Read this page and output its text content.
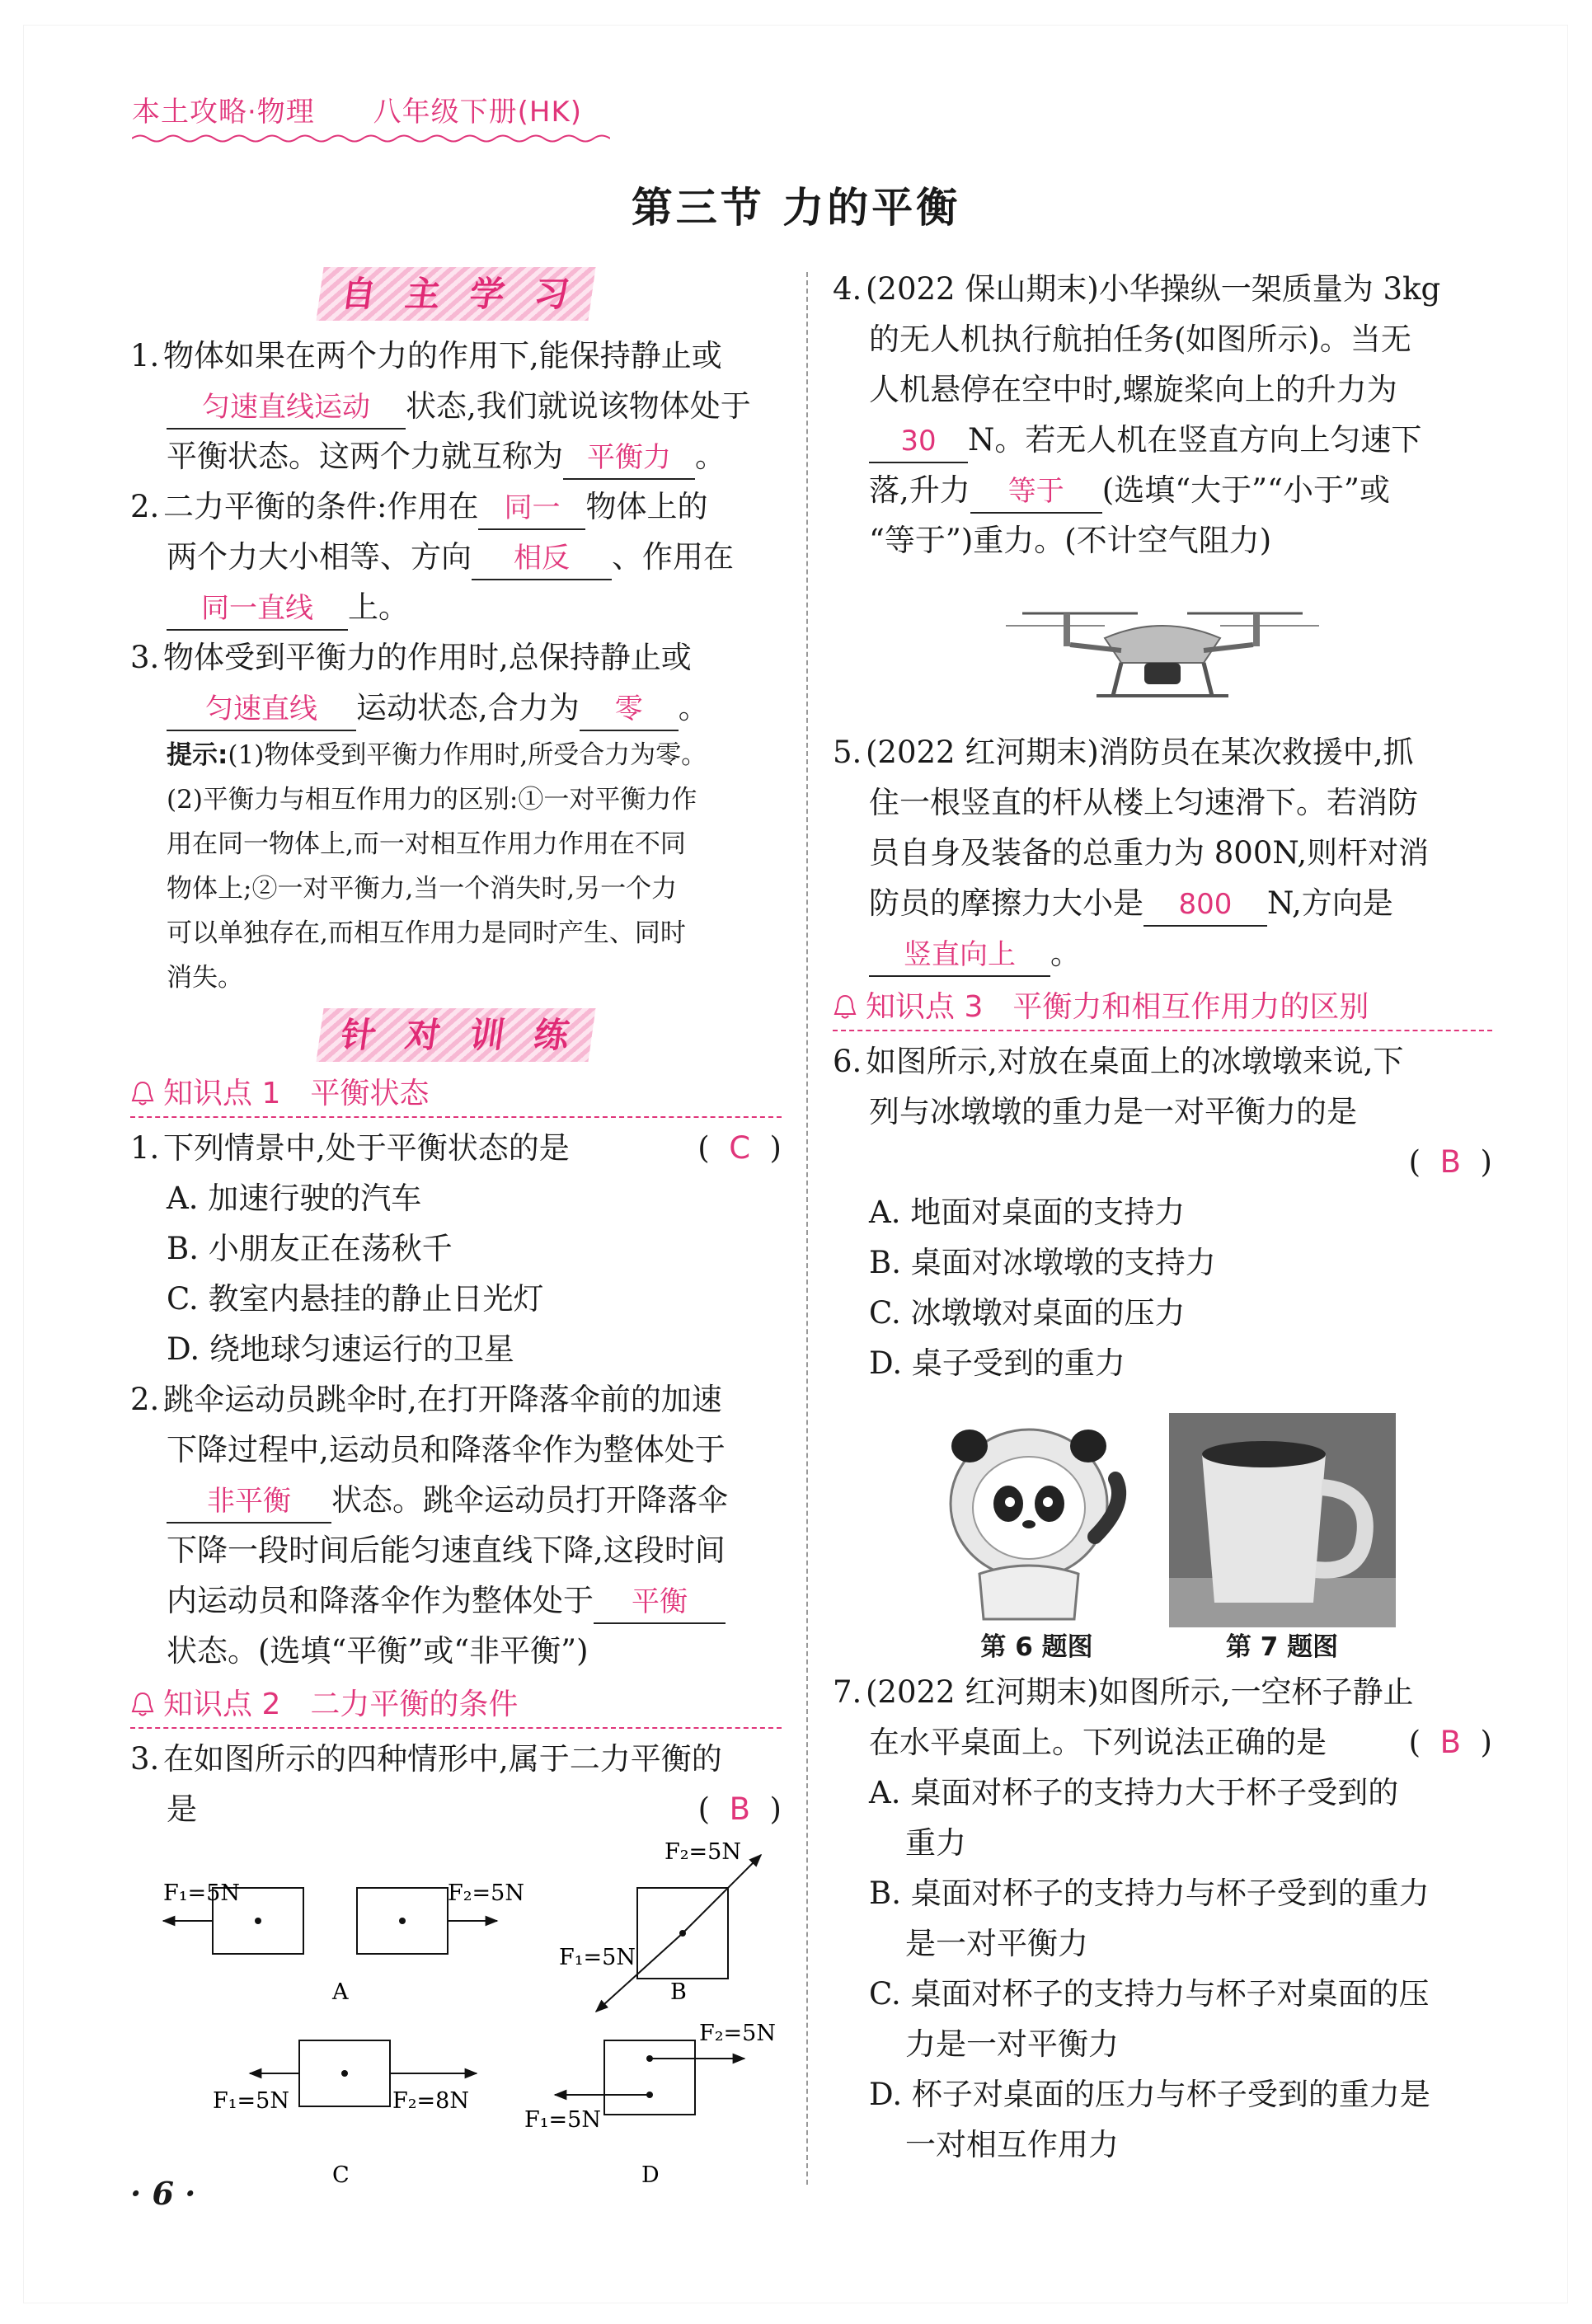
本土攻略·物理 八年级下册(HK)
第三节 力的平衡
自 主 学 习
1. 物体如果在两个力的作用下,能保持静止或
匀速直线运动 状态,我们就说该物体处于
平衡状态。这两个力就互称为 平衡力 。
2. 二力平衡的条件:作用在 同一 物体上的
两个力大小相等、方向 相反 、作用在
同一直线 上。
3. 物体受到平衡力的作用时,总保持静止或
匀速直线 运动状态,合力为 零 。
提示:(1)物体受到平衡力作用时,所受合力为零。
(2)平衡力与相互作用力的区别:①一对平衡力作
用在同一物体上,而一对相互作用力作用在不同
物体上;②一对平衡力,当一个消失时,另一个力
可以单独存在,而相互作用力是同时产生、同时
消失。
针 对 训 练
知识点 1 平衡状态
1. 下列情景中,处于平衡状态的是	(  C  )
A. 加速行驶的汽车
B. 小朋友正在荡秋千
C. 教室内悬挂的静止日光灯
D. 绕地球匀速运行的卫星
2. 跳伞运动员跳伞时,在打开降落伞前的加速
下降过程中,运动员和降落伞作为整体处于
非平衡 状态。跳伞运动员打开降落伞
下降一段时间后能匀速直线下降,这段时间
内运动员和降落伞作为整体处于 平衡
状态。(选填“平衡”或“非平衡”)
知识点 2 二力平衡的条件
3. 在如图所示的四种情形中,属于二力平衡的
是	(  B  )
F₁=5N	F₂=5N
A
F₂=5N
F₁=5N
B
F₁=5N	F₂=8N
C
F₂=5N
F₁=5N
D
4. (2022 保山期末)小华操纵一架质量为 3kg
的无人机执行航拍任务(如图所示)。当无
人机悬停在空中时,螺旋桨向上的升力为
30 N。若无人机在竖直方向上匀速下
落,升力 等于 (选填“大于”“小于”或
“等于”)重力。(不计空气阻力)
5. (2022 红河期末)消防员在某次救援中,抓
住一根竖直的杆从楼上匀速滑下。若消防
员自身及装备的总重力为 800N,则杆对消
防员的摩擦力大小是 800 N,方向是
竖直向上 。
知识点 3 平衡力和相互作用力的区别
6. 如图所示,对放在桌面上的冰墩墩来说,下
列与冰墩墩的重力是一对平衡力的是
(  B  )
A. 地面对桌面的支持力
B. 桌面对冰墩墩的支持力
C. 冰墩墩对桌面的压力
D. 桌子受到的重力
第 6 题图	第 7 题图
7. (2022 红河期末)如图所示,一空杯子静止
在水平桌面上。下列说法正确的是	(  B  )
A. 桌面对杯子的支持力大于杯子受到的
重力
B. 桌面对杯子的支持力与杯子受到的重力
是一对平衡力
C. 桌面对杯子的支持力与杯子对桌面的压
力是一对平衡力
D. 杯子对桌面的压力与杯子受到的重力是
一对相互作用力
· 6 ·
